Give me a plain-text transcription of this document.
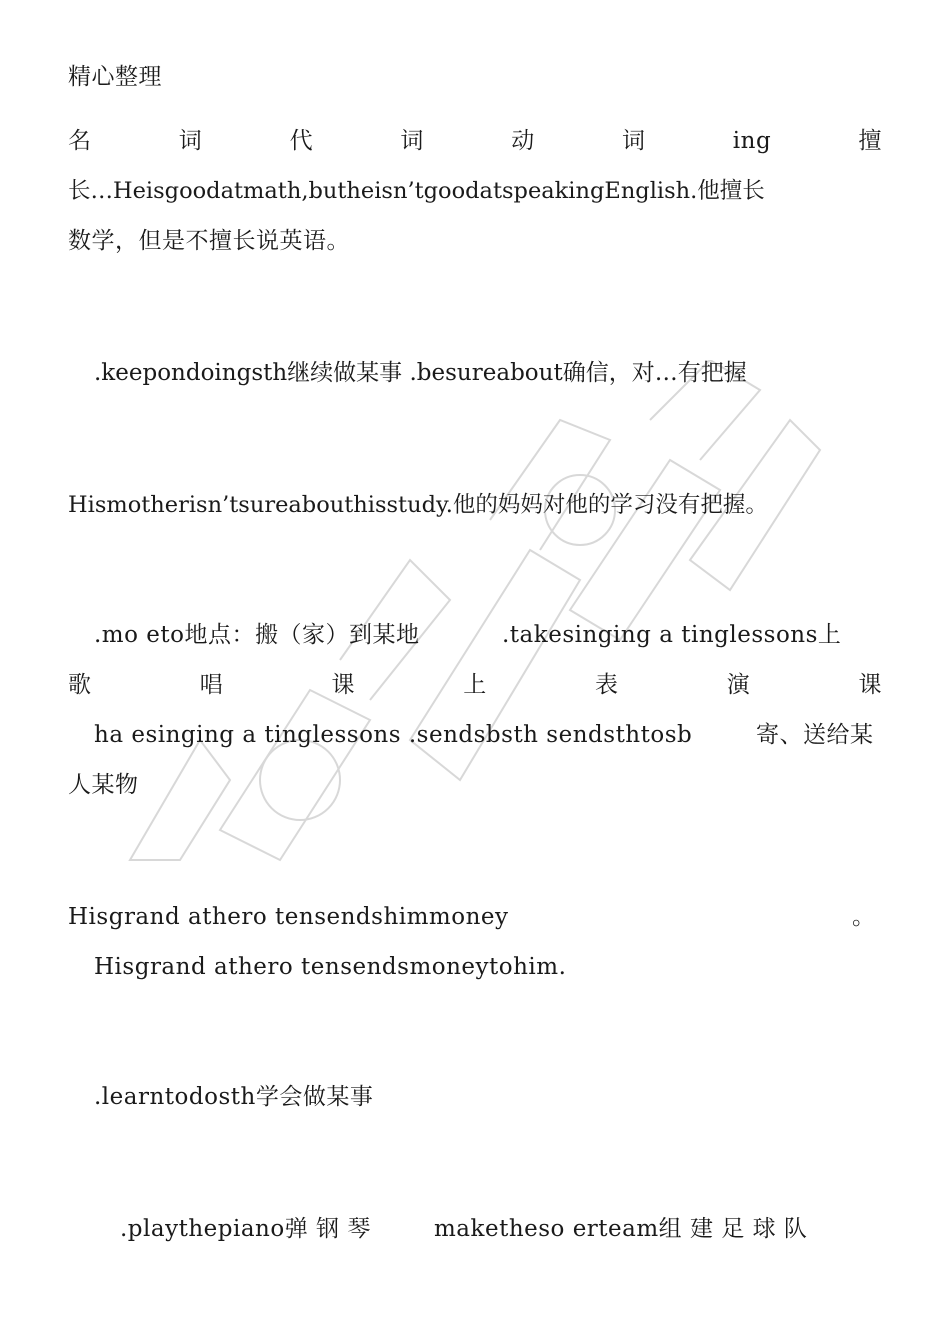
精心整理
名	词	代	词	动	词	ing	擅
长…Heisgoodatmath,butheisn’tgoodatspeakingEnglish.他擅长
数学，但是不擅长说英语。
.keepondoingsth继续做某事 .besureabout确信，对…有把握
Hismotherisn’tsureabouthisstudy.他的妈妈对他的学习没有把握。
.mo eto地点：搬（家）到某地	.takesinging a tinglessons上
歌	唱	课	上	表	演	课
ha esinging a tinglessons .sendsbsth sendsthtosb	寄、送给某
人某物
Hisgrand athero tensendshimmoney	。
Hisgrand athero tensendsmoneytohim.
.learntodosth学会做某事
.playthepiano弹 钢 琴	maketheso erteam组 建 足 球 队
